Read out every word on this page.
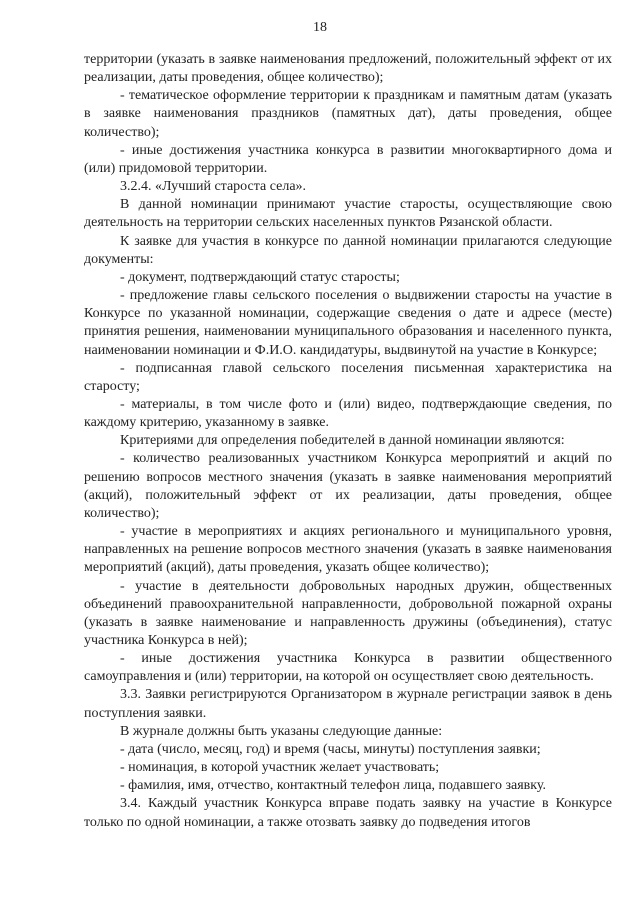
18

территории (указать в заявке наименования предложений, положительный эффект от их реализации, даты проведения, общее количество);

- тематическое оформление территории к праздникам и памятным датам (указать в заявке наименования праздников (памятных дат), даты проведения, общее количество);

- иные достижения участника конкурса в развитии многоквартирного дома и (или) придомовой территории.

3.2.4. «Лучший староста села».

В данной номинации принимают участие старосты, осуществляющие свою деятельность на территории сельских населенных пунктов Рязанской области.

К заявке для участия в конкурсе по данной номинации прилагаются следующие документы:

- документ, подтверждающий статус старосты;

- предложение главы сельского поселения о выдвижении старосты на участие в Конкурсе по указанной номинации, содержащие сведения о дате и адресе (месте) принятия решения, наименовании муниципального образования и населенного пункта, наименовании номинации и Ф.И.О. кандидатуры, выдвинутой на участие в Конкурсе;

- подписанная главой сельского поселения письменная характеристика на старосту;

- материалы, в том числе фото и (или) видео, подтверждающие сведения, по каждому критерию, указанному в заявке.

Критериями для определения победителей в данной номинации являются:

- количество реализованных участником Конкурса мероприятий и акций по решению вопросов местного значения (указать в заявке наименования мероприятий (акций), положительный эффект от их реализации, даты проведения, общее количество);

- участие в мероприятиях и акциях регионального и муниципального уровня, направленных на решение вопросов местного значения (указать в заявке наименования мероприятий (акций), даты проведения, указать общее количество);

- участие в деятельности добровольных народных дружин, общественных объединений правоохранительной направленности, добровольной пожарной охраны (указать в заявке наименование и направленность дружины (объединения), статус участника Конкурса в ней);

- иные достижения участника Конкурса в развитии общественного самоуправления и (или) территории, на которой он осуществляет свою деятельность.

3.3. Заявки регистрируются Организатором в журнале регистрации заявок в день поступления заявки.

В журнале должны быть указаны следующие данные:

- дата (число, месяц, год) и время (часы, минуты) поступления заявки;

- номинация, в которой участник желает участвовать;

- фамилия, имя, отчество, контактный телефон лица, подавшего заявку.

3.4. Каждый участник Конкурса вправе подать заявку на участие в Конкурсе только по одной номинации, а также отозвать заявку до подведения итогов
